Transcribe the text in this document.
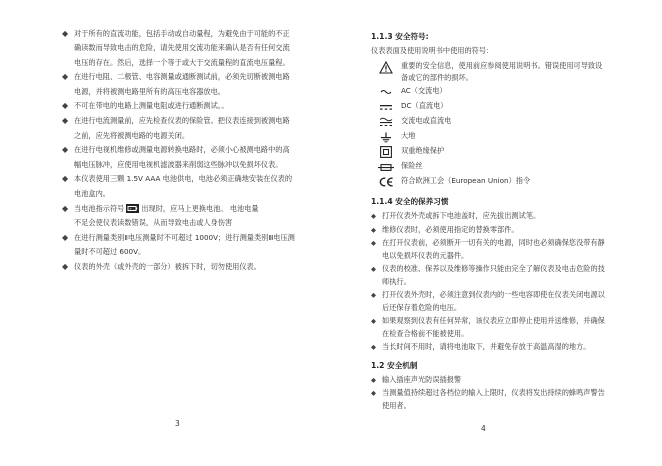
◆ 对于所有的直流功能，包括手动或自动量程，为避免由于可能的不正确读数而导致电击的危险，请先使用交流功能来确认是否有任何交流电压的存在。然后，选择一个等于或大于交流量程的直流电压量程。
◆ 在进行电阻、二极管、电容测量或通断测试前，必须先切断被测电路电源，并将被测电路里所有的高压电容器放电。
◆ 不可在带电的电路上测量电阻或进行通断测试。。
◆ 在进行电流测量前，应先检查仪表的保险管。把仪表连接到被测电路之前，应先将被测电路的电源关闭。
◆ 在进行电视机维修或测量电源转换电路时，必须小心被测电路中的高幅电压脉冲，应使用电视机滤波器来削弱这些脉冲以免损坏仪表。
◆ 本仪表使用三颗 1.5V AAA 电池供电，电池必须正确地安装在仪表的电池盒内。
◆ 当电池指示符号 + - 出现时，应马上更换电池。 电池电量
不足会使仪表读数错误，从而导致电击或人身伤害
◆ 在进行测量类别Ⅱ电压测量时不可超过 1000V；进行测量类别Ⅲ电压测量时不可超过 600V。
◆ 仪表的外壳（或外壳的一部分）被拆下时，切勿使用仪表。
3
1.1.3 安全符号:
仪表表面及使用说明书中使用的符号：
重要的安全信息，使用前应参阅使用说明书。错误使用可导致设备或它的部件的损坏。
AC（交流电）
DC（直流电）
交流电或直流电
大地
双重绝缘保护
保险丝
符合欧洲工会（European Union）指令
1.1.4 安全的保养习惯
◆ 打开仪表外壳或拆下电池盖时，应先拔出测试笔。
◆ 维修仪表时，必须使用指定的替换零部件。
◆ 在打开仪表前，必须断开一切有关的电源，同时也必须确保您没带有静电以免损坏仪表的元器件。
◆ 仪表的校准、保养以及维修等操作只能由完全了解仪表及电击危险的技师执行。
◆ 打开仪表外壳时，必须注意到仪表内的一些电容即使在仪表关闭电源以后还保存着危险的电压。
◆ 如果观察到仪表有任何异常，该仪表应立即停止使用并送维修，并确保在检查合格前不能被使用。
◆ 当长时间不用时，请将电池取下，并避免存放于高温高湿的地方。
1.2 安全机制
◆ 输入插座声光防误插报警
◆ 当测量值持续超过各档位的输入上限时，仪表将发出持续的蜂鸣声警告使用者。
4
